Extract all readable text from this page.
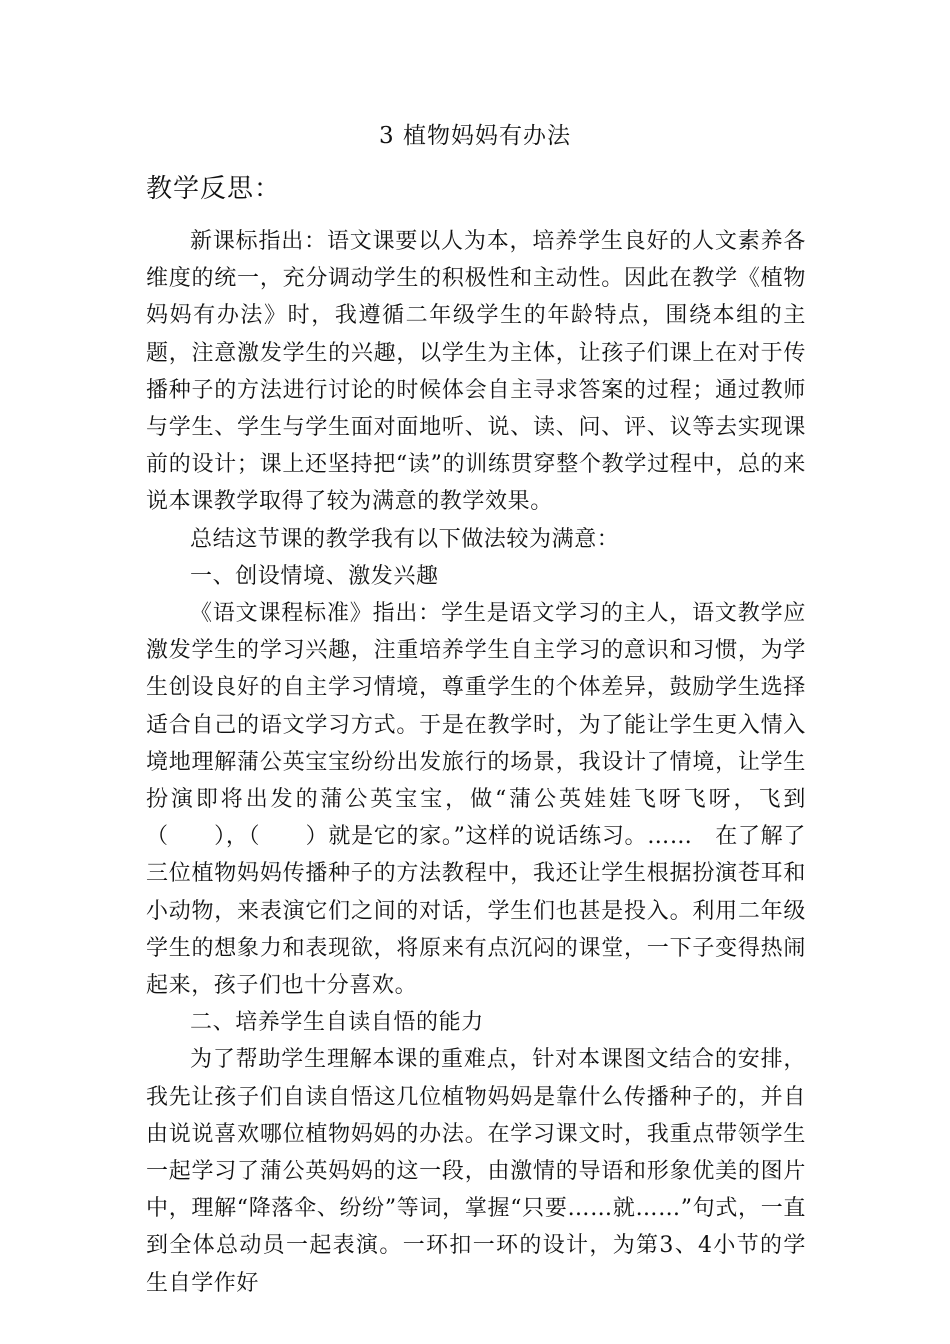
3 植物妈妈有办法
教学反思：

新课标指出：语文课要以人为本，培养学生良好的人文素养各维度的统一，充分调动学生的积极性和主动性。因此在教学《植物妈妈有办法》时，我遵循二年级学生的年龄特点，围绕本组的主题，注意激发学生的兴趣，以学生为主体，让孩子们课上在对于传播种子的方法进行讨论的时候体会自主寻求答案的过程；通过教师与学生、学生与学生面对面地听、说、读、问、评、议等去实现课前的设计；课上还坚持把“读”的训练贯穿整个教学过程中，总的来说本课教学取得了较为满意的教学效果。

总结这节课的教学我有以下做法较为满意：

一、创设情境、激发兴趣

《语文课程标准》指出：学生是语文学习的主人，语文教学应激发学生的学习兴趣，注重培养学生自主学习的意识和习惯，为学生创设良好的自主学习情境，尊重学生的个体差异，鼓励学生选择适合自己的语文学习方式。于是在教学时，为了能让学生更入情入境地理解蒲公英宝宝纷纷出发旅行的场景，我设计了情境，让学生扮演即将出发的蒲公英宝宝，做“蒲公英娃娃飞呀飞呀，飞到（　　），（　　）就是它的家。”这样的说话练习。……　在了解了三位植物妈妈传播种子的方法教程中，我还让学生根据扮演苍耳和小动物，来表演它们之间的对话，学生们也甚是投入。利用二年级学生的想象力和表现欲，将原来有点沉闷的课堂，一下子变得热闹起来，孩子们也十分喜欢。

二、培养学生自读自悟的能力

为了帮助学生理解本课的重难点，针对本课图文结合的安排，我先让孩子们自读自悟这几位植物妈妈是靠什么传播种子的，并自由说说喜欢哪位植物妈妈的办法。在学习课文时，我重点带领学生一起学习了蒲公英妈妈的这一段，由激情的导语和形象优美的图片中，理解“降落伞、纷纷”等词，掌握“只要……就……”句式，一直到全体总动员一起表演。一环扣一环的设计，为第3、4小节的学生自学作好
